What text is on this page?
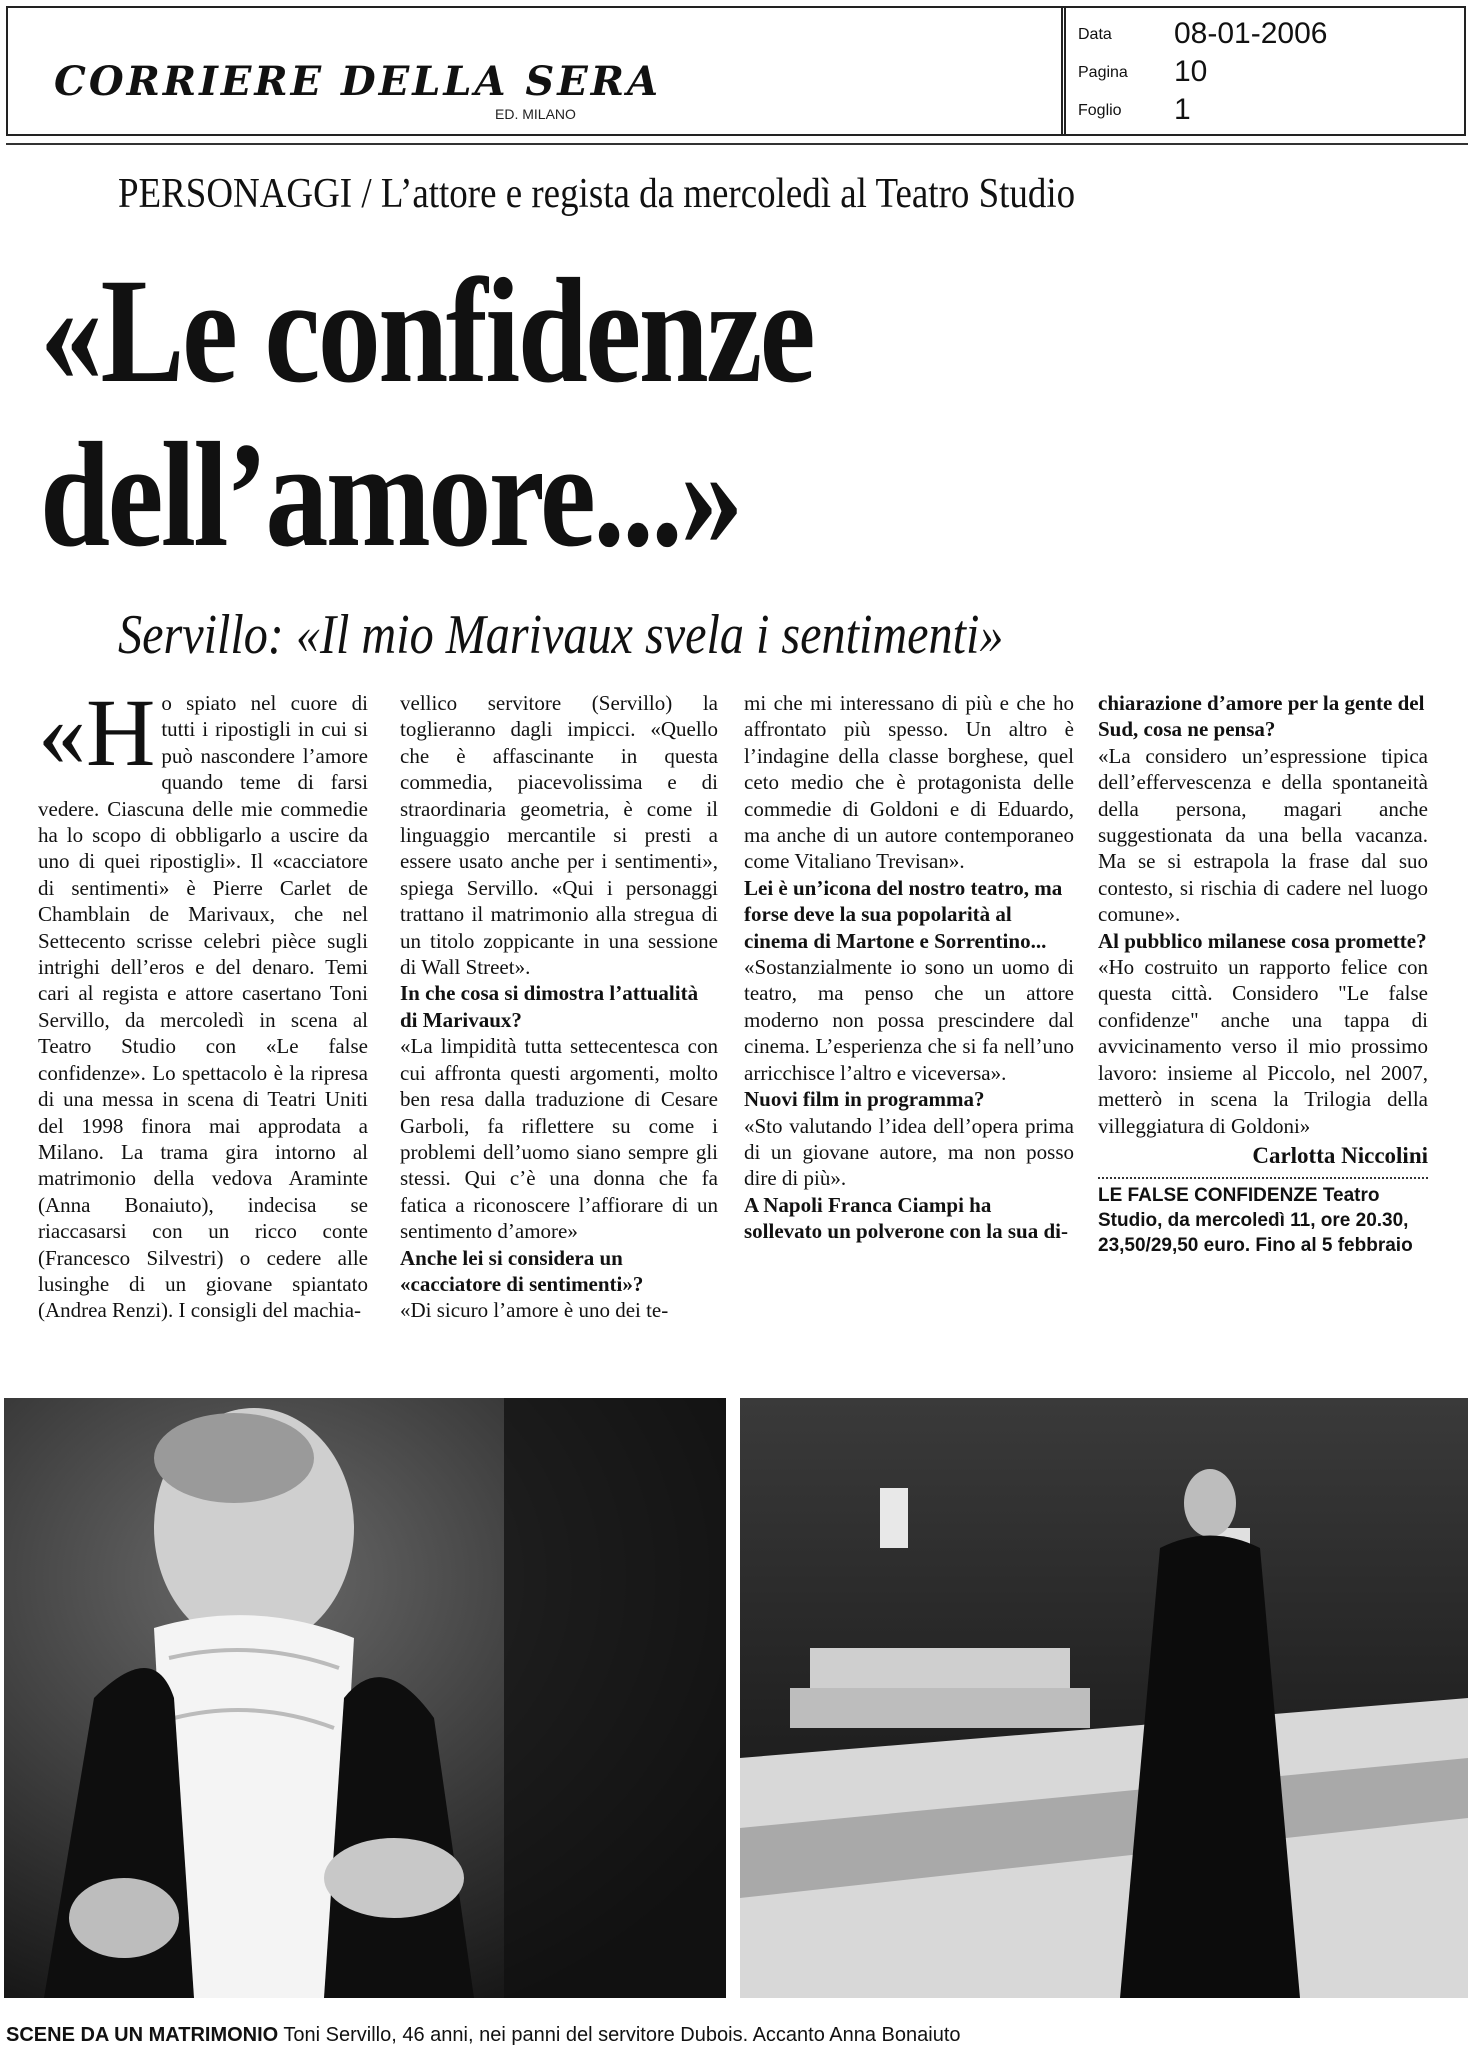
CORRIERE DELLA SERA
ED. MILANO
Data 08-01-2006
Pagina 10
Foglio 1
PERSONAGGI / L’attore e regista da mercoledì al Teatro Studio
«Le confidenze
dell’amore...»
Servillo: «Il mio Marivaux svela i sentimenti»

«H o spiato nel cuore di tutti i ripostigli in cui si può nascondere l’amore quando teme di farsi vedere. Ciascuna delle mie commedie ha lo scopo di obbligarlo a uscire da uno di quei ripostigli». Il «cacciatore di sentimenti» è Pierre Carlet de Chamblain de Marivaux, che nel Settecento scrisse celebri pièce sugli intrighi dell’eros e del denaro. Temi cari al regista e attore casertano Toni Servillo, da mercoledì in scena al Teatro Studio con «Le false confidenze». Lo spettacolo è la ripresa di una messa in scena di Teatri Uniti del 1998 finora mai approdata a Milano. La trama gira intorno al matrimonio della vedova Araminte (Anna Bonaiuto), indecisa se riaccasarsi con un ricco conte (Francesco Silvestri) o cedere alle lusinghe di un giovane spiantato (Andrea Renzi). I consigli del machia-

vellico servitore (Servillo) la toglieranno dagli impicci. «Quello che è affascinante in questa commedia, piacevolissima e di straordinaria geometria, è come il linguaggio mercantile si presti a essere usato anche per i sentimenti», spiega Servillo. «Qui i personaggi trattano il matrimonio alla stregua di un titolo zoppicante in una sessione di Wall Street».

In che cosa si dimostra l’attualità di Marivaux?

«La limpidità tutta settecentesca con cui affronta questi argomenti, molto ben resa dalla traduzione di Cesare Garboli, fa riflettere su come i problemi dell’uomo siano sempre gli stessi. Qui c’è una donna che fa fatica a riconoscere l’affiorare di un sentimento d’amore»

Anche lei si considera un «cacciatore di sentimenti»?

«Di sicuro l’amore è uno dei te-

mi che mi interessano di più e che ho affrontato più spesso. Un altro è l’indagine della classe borghese, quel ceto medio che è protagonista delle commedie di Goldoni e di Eduardo, ma anche di un autore contemporaneo come Vitaliano Trevisan».

Lei è un’icona del nostro teatro, ma forse deve la sua popolarità al cinema di Martone e Sorrentino...

«Sostanzialmente io sono un uomo di teatro, ma penso che un attore moderno non possa prescindere dal cinema. L’esperienza che si fa nell’uno arricchisce l’altro e viceversa».

Nuovi film in programma?

«Sto valutando l’idea dell’opera prima di un giovane autore, ma non posso dire di più».

A Napoli Franca Ciampi ha sollevato un polverone con la sua di-

chiarazione d’amore per la gente del Sud, cosa ne pensa?

«La considero un’espressione tipica dell’effervescenza e della spontaneità della persona, magari anche suggestionata da una bella vacanza. Ma se si estrapola la frase dal suo contesto, si rischia di cadere nel luogo comune».

Al pubblico milanese cosa promette?

«Ho costruito un rapporto felice con questa città. Considero "Le false confidenze" anche una tappa di avvicinamento verso il mio prossimo lavoro: insieme al Piccolo, nel 2007, metterò in scena la Trilogia della villeggiatura di Goldoni»

Carlotta Niccolini

LE FALSE CONFIDENZE Teatro Studio, da mercoledì 11, ore 20.30, 23,50/29,50 euro. Fino al 5 febbraio

SCENE DA UN MATRIMONIO Toni Servillo, 46 anni, nei panni del servitore Dubois. Accanto Anna Bonaiuto
